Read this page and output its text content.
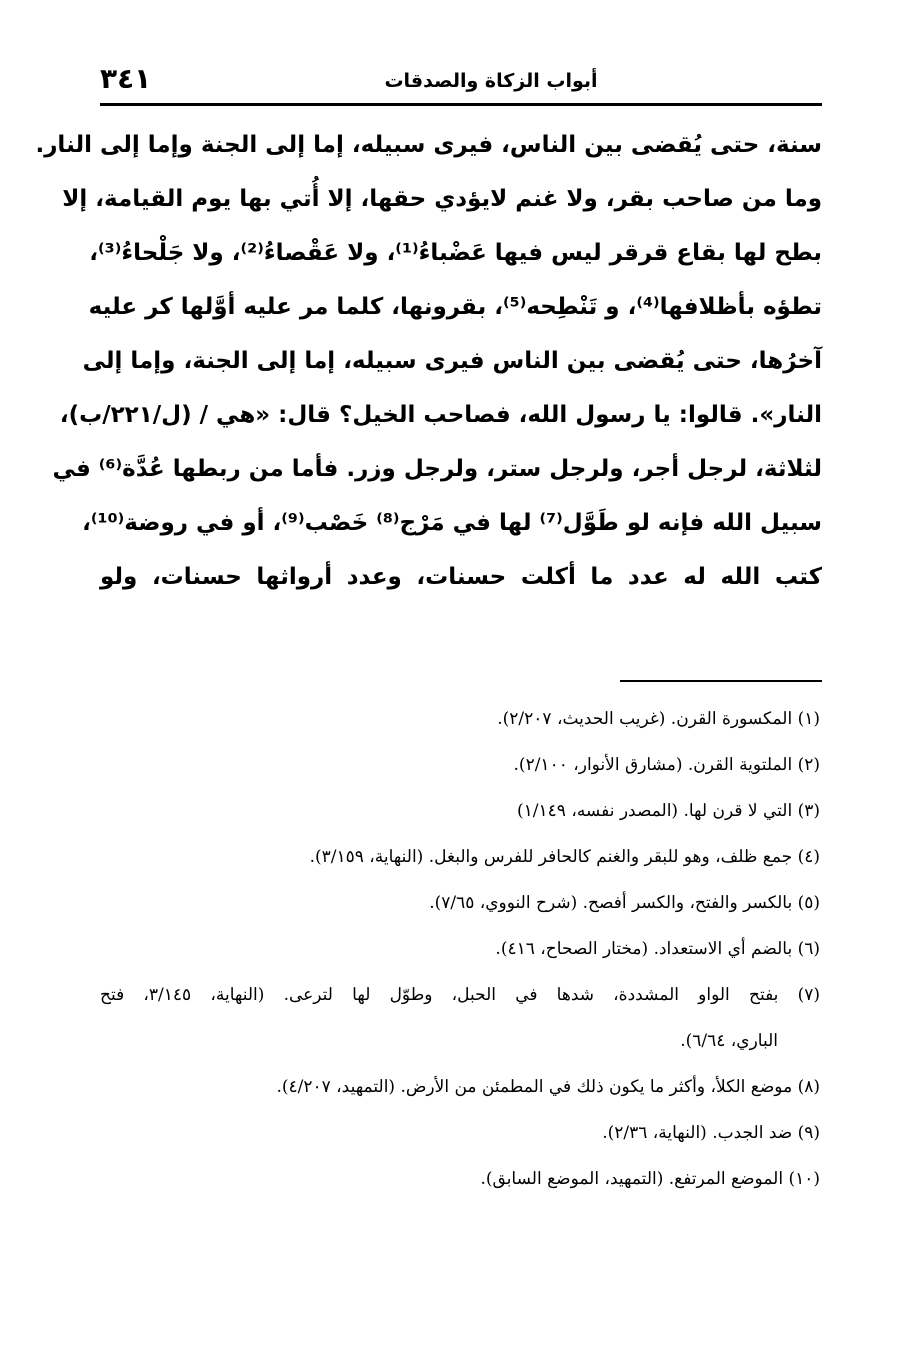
أبواب الزكاة والصدقات
٣٤١
سنة، حتى يُقضى بين الناس، فيرى سبيله، إما إلى الجنة وإما إلى النار.
وما من صاحب بقر، ولا غنم لايؤدي حقها، إلا أُتي بها يوم القيامة، إلا
بطح لها بقاع قرقر ليس فيها عَضْباءُ⁽¹⁾، ولا عَقْصاءُ⁽²⁾، ولا جَلْحاءُ⁽³⁾،
تطؤه بأظلافها⁽⁴⁾، و تَنْطِحه⁽⁵⁾، بقرونها، كلما مر عليه أوَّلها كر عليه
آخرُها، حتى يُقضى بين الناس فيرى سبيله، إما إلى الجنة، وإما إلى
النار». قالوا: يا رسول الله، فصاحب الخيل؟ قال: «هي / (ل/٢٢١/ب)،
لثلاثة، لرجل أجر، ولرجل ستر، ولرجل وزر. فأما من ربطها عُدَّة⁽⁶⁾ في
سبيل الله فإنه لو طَوَّل⁽⁷⁾ لها في مَرْج⁽⁸⁾ خَصْب⁽⁹⁾، أو في روضة⁽¹⁰⁾،
كتب الله له عدد ما أكلت حسنات، وعدد أرواثها حسنات، ولو
(١) المكسورة القرن. (غريب الحديث، ٢/٢٠٧).
(٢) الملتوية القرن. (مشارق الأنوار، ٢/١٠٠).
(٣) التي لا قرن لها. (المصدر نفسه، ١/١٤٩)
(٤) جمع ظلف، وهو للبقر والغنم كالحافر للفرس والبغل. (النهاية، ٣/١٥٩).
(٥) بالكسر والفتح، والكسر أفصح. (شرح النووي، ٧/٦٥).
(٦) بالضم أي الاستعداد. (مختار الصحاح، ٤١٦).
(٧) بفتح الواو المشددة، شدها في الحبل، وطوّل لها لترعى. (النهاية، ٣/١٤٥، فتح
الباري، ٦/٦٤).
(٨) موضع الكلأ، وأكثر ما يكون ذلك في المطمئن من الأرض. (التمهيد، ٤/٢٠٧).
(٩) ضد الجدب. (النهاية، ٢/٣٦).
(١٠) الموضع المرتفع. (التمهيد، الموضع السابق).
